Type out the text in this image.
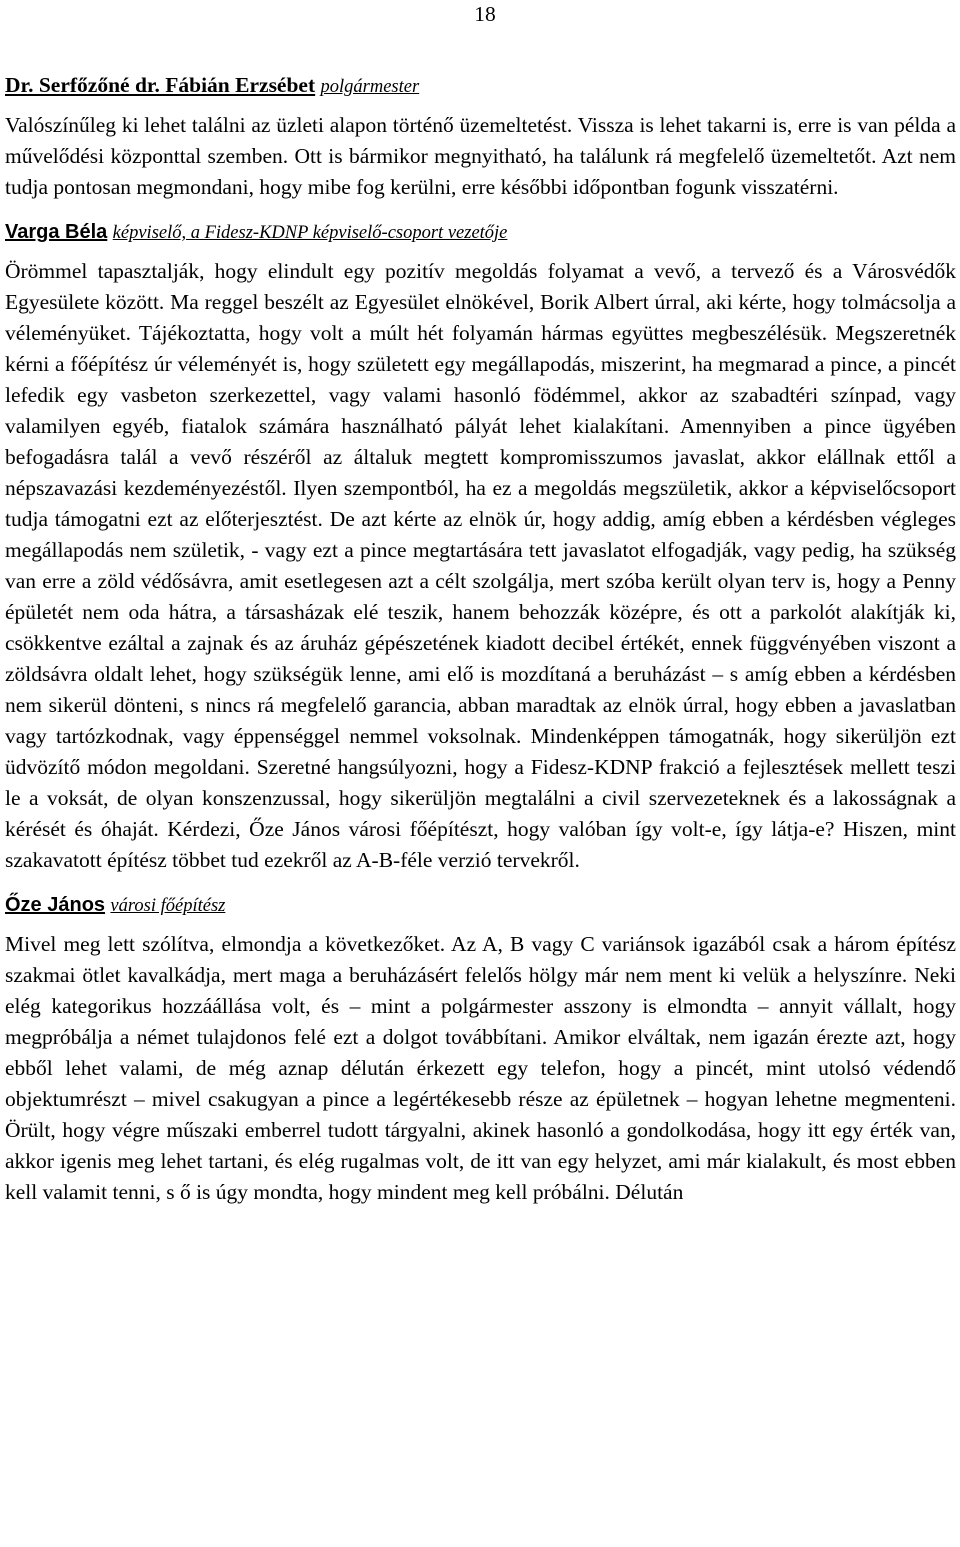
18
Dr. Serfőzőné dr. Fábián Erzsébet polgármester

Valószínűleg ki lehet találni az üzleti alapon történő üzemeltetést. Vissza is lehet takarni is, erre is van példa a művelődési központtal szemben. Ott is bármikor megnyitható, ha találunk rá megfelelő üzemeltetőt. Azt nem tudja pontosan megmondani, hogy mibe fog kerülni, erre későbbi időpontban fogunk visszatérni.

Varga Béla képviselő, a Fidesz-KDNP képviselő-csoport vezetője

Örömmel tapasztalják, hogy elindult egy pozitív megoldás folyamat a vevő, a tervező és a Városvédők Egyesülete között. Ma reggel beszélt az Egyesület elnökével, Borik Albert úrral, aki kérte, hogy tolmácsolja a véleményüket. Tájékoztatta, hogy volt a múlt hét folyamán hármas együttes megbeszélésük. Megszeretnék kérni a főépítész úr véleményét is, hogy született egy megállapodás, miszerint, ha megmarad a pince, a pincét lefedik egy vasbeton szerkezettel, vagy valami hasonló födémmel, akkor az szabadtéri színpad, vagy valamilyen egyéb, fiatalok számára használható pályát lehet kialakítani. Amennyiben a pince ügyében befogadásra talál a vevő részéről az általuk megtett kompromisszumos javaslat, akkor elállnak ettől a népszavazási kezdeményezéstől. Ilyen szempontból, ha ez a megoldás megszületik, akkor a képviselőcsoport tudja támogatni ezt az előterjesztést. De azt kérte az elnök úr, hogy addig, amíg ebben a kérdésben végleges megállapodás nem születik, - vagy ezt a pince megtartására tett javaslatot elfogadják, vagy pedig, ha szükség van erre a zöld védősávra, amit esetlegesen azt a célt szolgálja, mert szóba került olyan terv is, hogy a Penny épületét nem oda hátra, a társasházak elé teszik, hanem behozzák középre, és ott a parkolót alakítják ki, csökkentve ezáltal a zajnak és az áruház gépészetének kiadott decibel értékét, ennek függvényében viszont a zöldsávra oldalt lehet, hogy szükségük lenne, ami elő is mozdítaná a beruházást – s amíg ebben a kérdésben nem sikerül dönteni, s nincs rá megfelelő garancia, abban maradtak az elnök úrral, hogy ebben a javaslatban vagy tartózkodnak, vagy éppenséggel nemmel voksolnak. Mindenképpen támogatnák, hogy sikerüljön ezt üdvözítő módon megoldani. Szeretné hangsúlyozni, hogy a Fidesz-KDNP frakció a fejlesztések mellett teszi le a voksát, de olyan konszenzussal, hogy sikerüljön megtalálni a civil szervezeteknek és a lakosságnak a kérését és óhaját. Kérdezi, Őze János városi főépítészt, hogy valóban így volt-e, így látja-e? Hiszen, mint szakavatott építész többet tud ezekről az A-B-féle verzió tervekről.

Őze János városi főépítész

Mivel meg lett szólítva, elmondja a következőket. Az A, B vagy C variánsok igazából csak a három építész szakmai ötlet kavalkádja, mert maga a beruházásért felelős hölgy már nem ment ki velük a helyszínre. Neki elég kategorikus hozzáállása volt, és – mint a polgármester asszony is elmondta – annyit vállalt, hogy megpróbálja a német tulajdonos felé ezt a dolgot továbbítani. Amikor elváltak, nem igazán érezte azt, hogy ebből lehet valami, de még aznap délután érkezett egy telefon, hogy a pincét, mint utolsó védendő objektumrészt – mivel csakugyan a pince a legértékesebb része az épületnek – hogyan lehetne megmenteni. Örült, hogy végre műszaki emberrel tudott tárgyalni, akinek hasonló a gondolkodása, hogy itt egy érték van, akkor igenis meg lehet tartani, és elég rugalmas volt, de itt van egy helyzet, ami már kialakult, és most ebben kell valamit tenni, s ő is úgy mondta, hogy mindent meg kell próbálni. Délután
